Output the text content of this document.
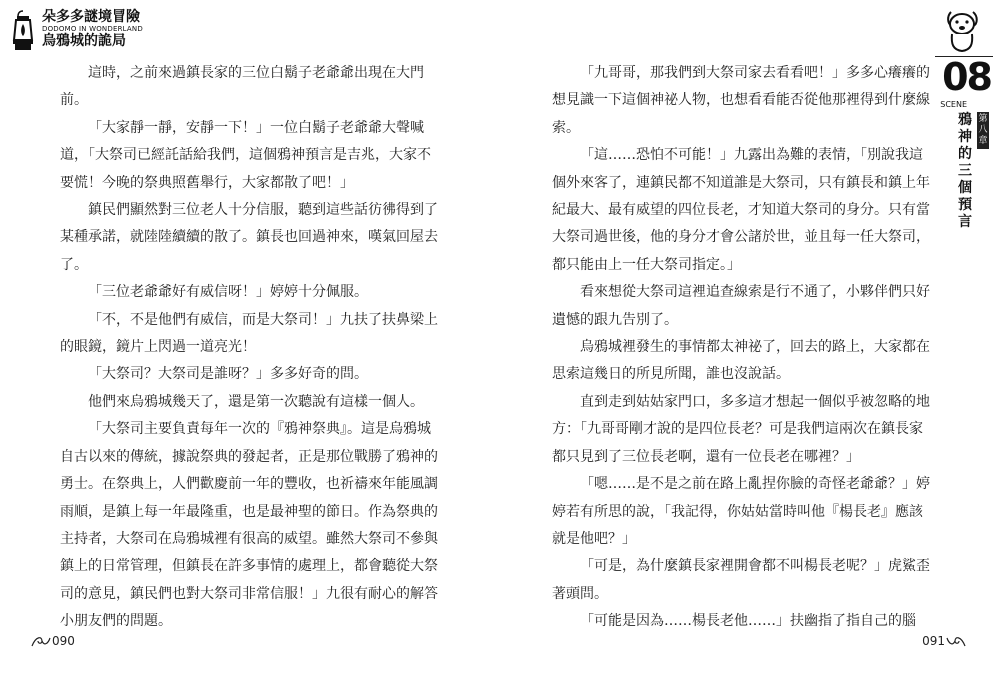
朵多多謎境冒險
DODOMO IN WONDERLAND
烏鴉城的詭局

這時，之前來過鎮長家的三位白鬍子老爺爺出現在大門前。

「大家靜一靜，安靜一下！」一位白鬍子老爺爺大聲喊道，「大祭司已經託話給我們，這個鴉神預言是吉兆，大家不要慌！今晚的祭典照舊舉行，大家都散了吧！」

鎮民們顯然對三位老人十分信服，聽到這些話彷彿得到了某種承諾，就陸陸續續的散了。鎮長也回過神來，嘆氣回屋去了。

「三位老爺爺好有威信呀！」婷婷十分佩服。

「不，不是他們有威信，而是大祭司！」九扶了扶鼻梁上的眼鏡，鏡片上閃過一道亮光！

「大祭司？大祭司是誰呀？」多多好奇的問。

他們來烏鴉城幾天了，還是第一次聽說有這樣一個人。

「大祭司主要負責每年一次的『鴉神祭典』。這是烏鴉城自古以來的傳統，據說祭典的發起者，正是那位戰勝了鴉神的勇士。在祭典上，人們歡慶前一年的豐收，也祈禱來年能風調雨順，是鎮上每一年最隆重，也是最神聖的節日。作為祭典的主持者，大祭司在烏鴉城裡有很高的威望。雖然大祭司不參與鎮上的日常管理，但鎮長在許多事情的處理上，都會聽從大祭司的意見，鎮民們也對大祭司非常信服！」九很有耐心的解答小朋友們的問題。

090

「九哥哥，那我們到大祭司家去看看吧！」多多心癢癢的想見識一下這個神祕人物，也想看看能否從他那裡得到什麼線索。

「這……恐怕不可能！」九露出為難的表情，「別說我這個外來客了，連鎮民都不知道誰是大祭司，只有鎮長和鎮上年紀最大、最有威望的四位長老，才知道大祭司的身分。只有當大祭司過世後，他的身分才會公諸於世，並且每一任大祭司，都只能由上一任大祭司指定。」

看來想從大祭司這裡追查線索是行不通了，小夥伴們只好遺憾的跟九告別了。

烏鴉城裡發生的事情都太神祕了，回去的路上，大家都在思索這幾日的所見所聞，誰也沒說話。

直到走到姑姑家門口，多多這才想起一個似乎被忽略的地方：「九哥哥剛才說的是四位長老？可是我們這兩次在鎮長家都只見到了三位長老啊，還有一位長老在哪裡？」

「嗯……是不是之前在路上亂捏你臉的奇怪老爺爺？」婷婷若有所思的說，「我記得，你姑姑當時叫他『楊長老』應該就是他吧？」

「可是，為什麼鎮長家裡開會都不叫楊長老呢？」虎鯊歪著頭問。

「可能是因為……楊長老他……」扶幽指了指自己的腦

08
SCENE
第八章
鴉神的三個預言
091
